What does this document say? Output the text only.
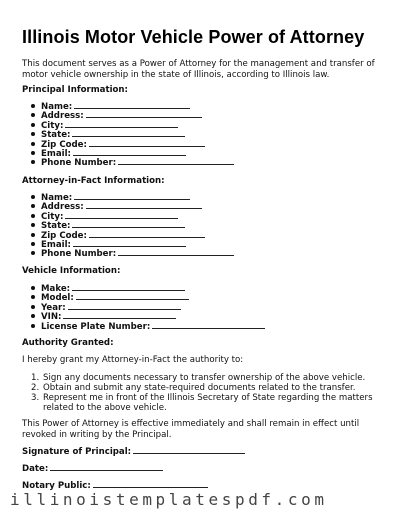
Illinois Motor Vehicle Power of Attorney

This document serves as a Power of Attorney for the management and transfer of motor vehicle ownership in the state of Illinois, according to Illinois law.

Principal Information:
Name:
Address:
City:
State:
Zip Code:
Email:
Phone Number:
Attorney-in-Fact Information:
Name:
Address:
City:
State:
Zip Code:
Email:
Phone Number:
Vehicle Information:
Make:
Model:
Year:
VIN:
License Plate Number:
Authority Granted:

I hereby grant my Attorney-in-Fact the authority to:

1. Sign any documents necessary to transfer ownership of the above vehicle.
2. Obtain and submit any state-required documents related to the transfer.
3. Represent me in front of the Illinois Secretary of State regarding the matters related to the above vehicle.

This Power of Attorney is effective immediately and shall remain in effect until revoked in writing by the Principal.

Signature of Principal:
Date:
Notary Public:
illinoistemplatespdf.com
